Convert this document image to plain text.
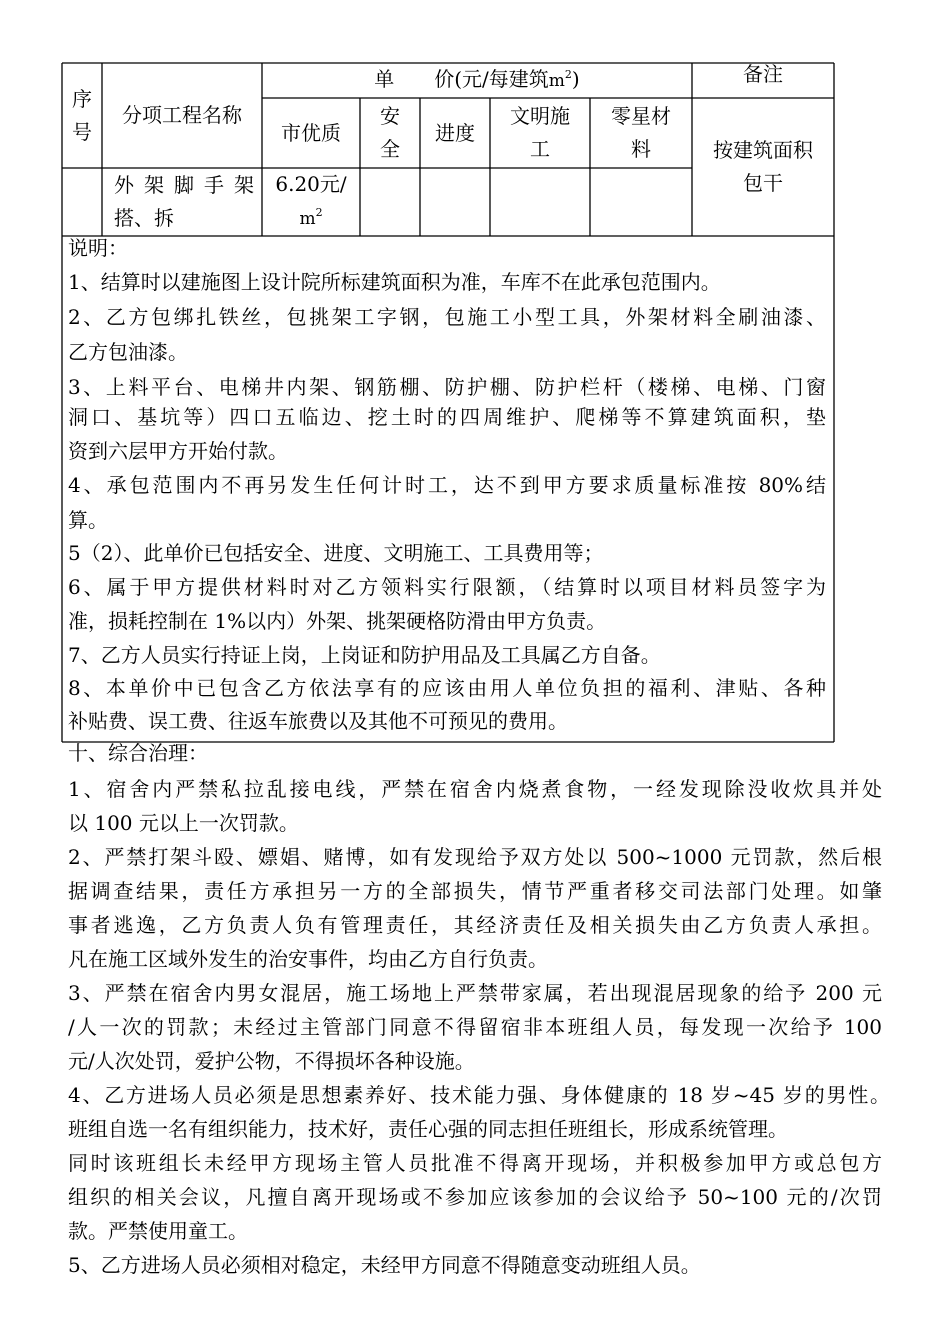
序
号
分项工程名称
单　　价(元/每建筑$m^2$)	备注
市优质
安
全
进度
文明施
工
零星材
料	按建筑面积
包干
外架脚手架
搭、拆
6.20元/
$m^2$
说明：
1、结算时以建施图上设计院所标建筑面积为准，车库不在此承包范围内。
2、乙方包绑扎铁丝，包挑架工字钢，包施工小型工具，外架材料全刷油漆、
乙方包油漆。
3、上料平台、电梯井内架、钢筋棚、防护棚、防护栏杆（楼梯、电梯、门窗
洞口、基坑等）四口五临边、挖土时的四周维护、爬梯等不算建筑面积，垫
资到六层甲方开始付款。
4、承包范围内不再另发生任何计时工，达不到甲方要求质量标准按 80%结
算。
5（2）、此单价已包括安全、进度、文明施工、工具费用等；
6、属于甲方提供材料时对乙方领料实行限额，（结算时以项目材料员签字为
准，损耗控制在 1%以内）外架、挑架硬格防滑由甲方负责。
7、乙方人员实行持证上岗，上岗证和防护用品及工具属乙方自备。
8、本单价中已包含乙方依法享有的应该由用人单位负担的福利、津贴、各种
补贴费、误工费、往返车旅费以及其他不可预见的费用。
十、综合治理：
1、宿舍内严禁私拉乱接电线，严禁在宿舍内烧煮食物，一经发现除没收炊具并处
以 100 元以上一次罚款。
2、严禁打架斗殴、嫖娼、赌博，如有发现给予双方处以 500~1000 元罚款，然后根
据调查结果，责任方承担另一方的全部损失，情节严重者移交司法部门处理。如肇
事者逃逸，乙方负责人负有管理责任，其经济责任及相关损失由乙方负责人承担。
凡在施工区域外发生的治安事件，均由乙方自行负责。
3、严禁在宿舍内男女混居，施工场地上严禁带家属，若出现混居现象的给予 200 元
/人一次的罚款；未经过主管部门同意不得留宿非本班组人员，每发现一次给予 100
元/人次处罚，爱护公物，不得损坏各种设施。
4、乙方进场人员必须是思想素养好、技术能力强、身体健康的 18 岁~45 岁的男性。
班组自选一名有组织能力，技术好，责任心强的同志担任班组长，形成系统管理。
同时该班组长未经甲方现场主管人员批准不得离开现场，并积极参加甲方或总包方
组织的相关会议，凡擅自离开现场或不参加应该参加的会议给予 50~100 元的/次罚
款。严禁使用童工。
5、乙方进场人员必须相对稳定，未经甲方同意不得随意变动班组人员。
